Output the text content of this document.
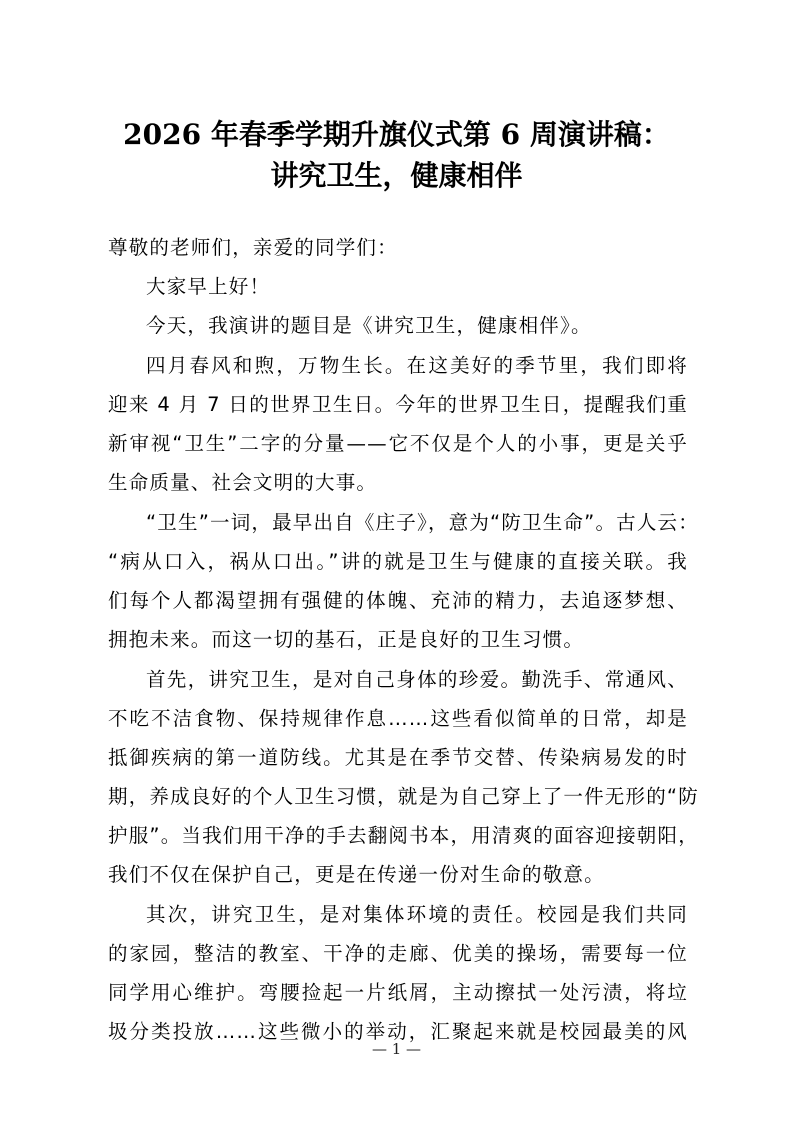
2026 年春季学期升旗仪式第 6 周演讲稿：
讲究卫生，健康相伴
尊敬的老师们，亲爱的同学们：
大家早上好！
今天，我演讲的题目是《讲究卫生，健康相伴》。
四月春风和煦，万物生长。在这美好的季节里，我们即将
迎来 4 月 7 日的世界卫生日。今年的世界卫生日，提醒我们重
新审视“卫生”二字的分量——它不仅是个人的小事，更是关乎
生命质量、社会文明的大事。
“卫生”一词，最早出自《庄子》，意为“防卫生命”。古人云：
“病从口入，祸从口出。”讲的就是卫生与健康的直接关联。我
们每个人都渴望拥有强健的体魄、充沛的精力，去追逐梦想、
拥抱未来。而这一切的基石，正是良好的卫生习惯。
首先，讲究卫生，是对自己身体的珍爱。勤洗手、常通风、
不吃不洁食物、保持规律作息……这些看似简单的日常，却是
抵御疾病的第一道防线。尤其是在季节交替、传染病易发的时
期，养成良好的个人卫生习惯，就是为自己穿上了一件无形的“防
护服”。当我们用干净的手去翻阅书本，用清爽的面容迎接朝阳，
我们不仅在保护自己，更是在传递一份对生命的敬意。
其次，讲究卫生，是对集体环境的责任。校园是我们共同
的家园，整洁的教室、干净的走廊、优美的操场，需要每一位
同学用心维护。弯腰捡起一片纸屑，主动擦拭一处污渍，将垃
圾分类投放……这些微小的举动，汇聚起来就是校园最美的风
— 1 —
